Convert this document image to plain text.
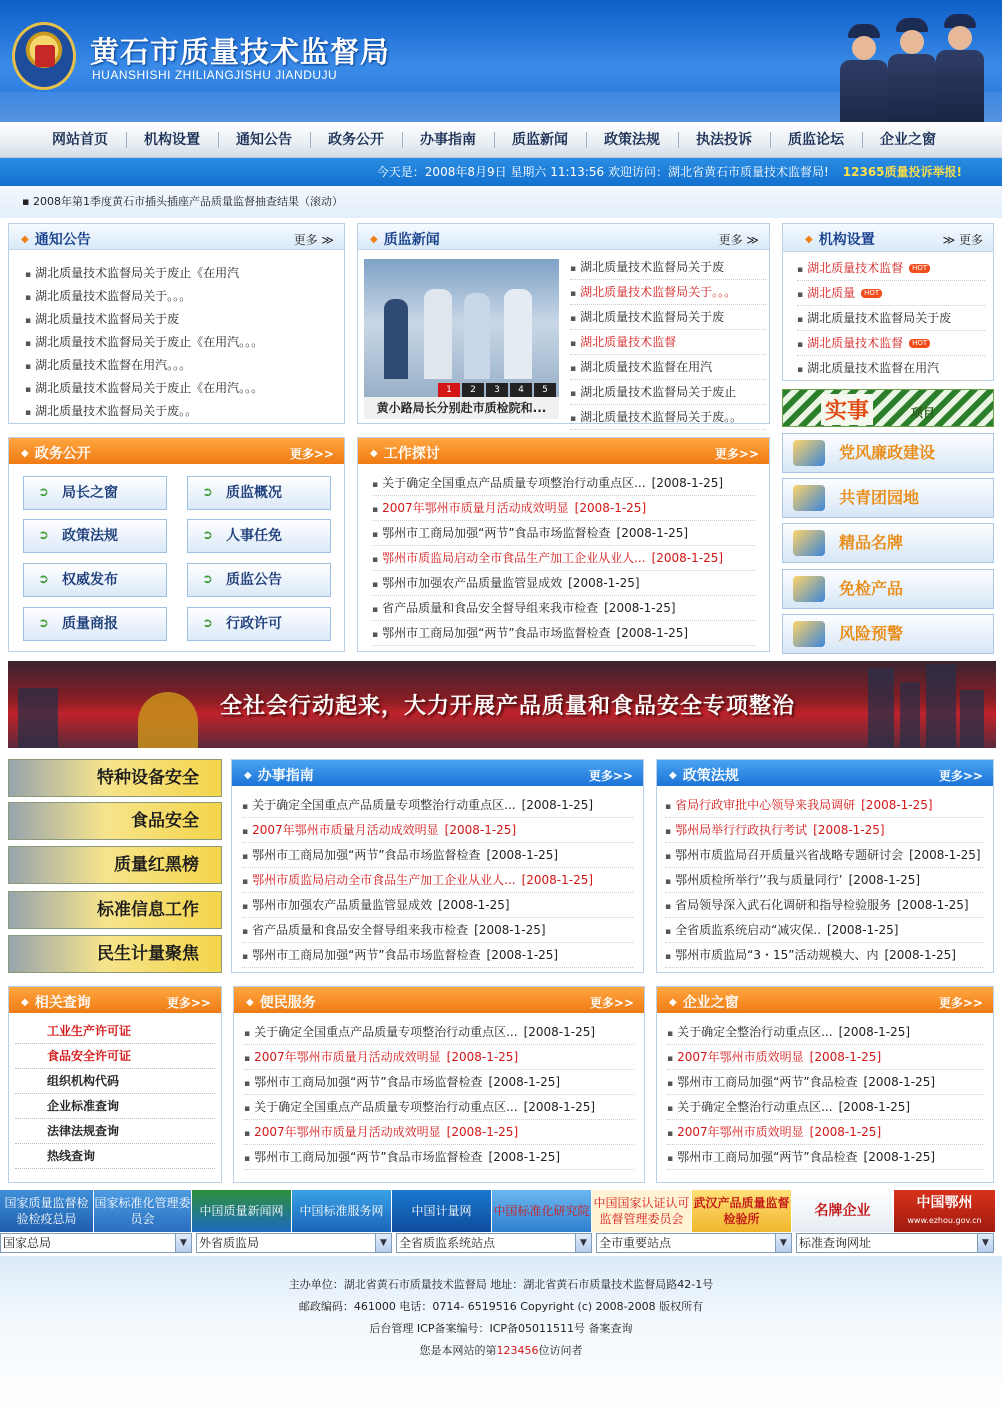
黄石市质量技术监督局
HUANSHISHI ZHILIANGJISHU JIANDUJU
网站首页	机构设置	通知公告	政务公开	办事指南	质监新闻	政策法规	执法投诉	质监论坛	企业之窗
今天是：2008年8月9日 星期六 11:13:56 欢迎访问：湖北省黄石市质量技术监督局! 12365质量投诉举报!
▪ 2008年第1季度黄石市插头插座产品质量监督抽查结果（滚动）
◆ 通知公告	更多 ≫
▪ 湖北质量技术监督局关于废止《在用汽
▪ 湖北质量技术监督局关于。。。
▪ 湖北质量技术监督局关于废
▪ 湖北质量技术监督局关于废止《在用汽。。。
▪ 湖北质量技术监督在用汽。。。
▪ 湖北质量技术监督局关于废止《在用汽。。。
▪ 湖北质量技术监督局关于废。。
◆ 质监新闻	更多 ≫
1	2	3	4	5
黄小路局长分别赴市质检院和...
▪ 湖北质量技术监督局关于废
▪ 湖北质量技术监督局关于。。。
▪ 湖北质量技术监督局关于废
▪ 湖北质量技术监督
▪ 湖北质量技术监督在用汽
▪ 湖北质量技术监督局关于废止
▪ 湖北质量技术监督局关于废。。
◆ 机构设置	≫ 更多
▪ 湖北质量技术监督 HOT
▪ 湖北质量 HOT
▪ 湖北质量技术监督局关于废
▪ 湖北质量技术监督 HOT
▪ 湖北质量技术监督在用汽
实事	项目
党风廉政建设
共青团园地
精品名牌
免检产品
风险预警
◆ 政务公开	更多>>
➲ 局长之窗	➲ 质监概况
➲ 政策法规	➲ 人事任免
➲ 权威发布	➲ 质监公告
➲ 质量商报	➲ 行政许可
◆ 工作探讨	更多>>
▪ 关于确定全国重点产品质量专项整治行动重点区... [2008-1-25]
▪ 2007年鄂州市质量月活动成效明显 [2008-1-25]
▪ 鄂州市工商局加强“两节”食品市场监督检查 [2008-1-25]
▪ 鄂州市质监局启动全市食品生产加工企业从业人... [2008-1-25]
▪ 鄂州市加强农产品质量监管显成效 [2008-1-25]
▪ 省产品质量和食品安全督导组来我市检查 [2008-1-25]
▪ 鄂州市工商局加强“两节”食品市场监督检查 [2008-1-25]
全社会行动起来，大力开展产品质量和食品安全专项整治
特种设备安全
食品安全
质量红黑榜
标准信息工作
民生计量聚焦
◆ 办事指南	更多>>
▪ 关于确定全国重点产品质量专项整治行动重点区... [2008-1-25]
▪ 2007年鄂州市质量月活动成效明显 [2008-1-25]
▪ 鄂州市工商局加强“两节”食品市场监督检查 [2008-1-25]
▪ 鄂州市质监局启动全市食品生产加工企业从业人... [2008-1-25]
▪ 鄂州市加强农产品质量监管显成效 [2008-1-25]
▪ 省产品质量和食品安全督导组来我市检查 [2008-1-25]
▪ 鄂州市工商局加强“两节”食品市场监督检查 [2008-1-25]
◆ 政策法规	更多>>
▪ 省局行政审批中心领导来我局调研 [2008-1-25]
▪ 鄂州局举行行政执行考试 [2008-1-25]
▪ 鄂州市质监局召开质量兴省战略专题研讨会 [2008-1-25]
▪ 鄂州质检所举行’‘我与质量同行’ [2008-1-25]
▪ 省局领导深入武石化调研和指导检验服务 [2008-1-25]
▪ 全省质监系统启动“减灾保.. [2008-1-25]
▪ 鄂州市质监局“3・15”活动规模大、内 [2008-1-25]
◆ 相关查询	更多>>
工业生产许可证
食品安全许可证
组织机构代码
企业标准查询
法律法规查询
热线查询
◆ 便民服务	更多>>
▪ 关于确定全国重点产品质量专项整治行动重点区... [2008-1-25]
▪ 2007年鄂州市质量月活动成效明显 [2008-1-25]
▪ 鄂州市工商局加强“两节”食品市场监督检查 [2008-1-25]
▪ 关于确定全国重点产品质量专项整治行动重点区... [2008-1-25]
▪ 2007年鄂州市质量月活动成效明显 [2008-1-25]
▪ 鄂州市工商局加强“两节”食品市场监督检查 [2008-1-25]
◆ 企业之窗	更多>>
▪ 关于确定全整治行动重点区... [2008-1-25]
▪ 2007年鄂州市质效明显 [2008-1-25]
▪ 鄂州市工商局加强“两节”食品检查 [2008-1-25]
▪ 关于确定全整治行动重点区... [2008-1-25]
▪ 2007年鄂州市质效明显 [2008-1-25]
▪ 鄂州市工商局加强“两节”食品检查 [2008-1-25]
国家质量监督检验检疫总局
国家标准化管理委员会
中国质量新闻网	中国标准服务网	中国计量网	中国标准化研究院
中国国家认证认可监督管理委员会
武汉产品质量监督检验所	名牌企业	中国鄂州
www.ezhou.gov.cn
国家总局	▼	外省质监局	▼	全省质监系统站点	▼	全市重要站点	▼	标准查询网址	▼

主办单位：湖北省黄石市质量技术监督局 地址：湖北省黄石市质量技术监督局路42-1号

邮政编码：461000 电话：0714- 6519516 Copyright (c) 2008-2008 版权所有

后台管理 ICP备案编号：ICP备05011511号 备案查询

您是本网站的第123456位访问者
